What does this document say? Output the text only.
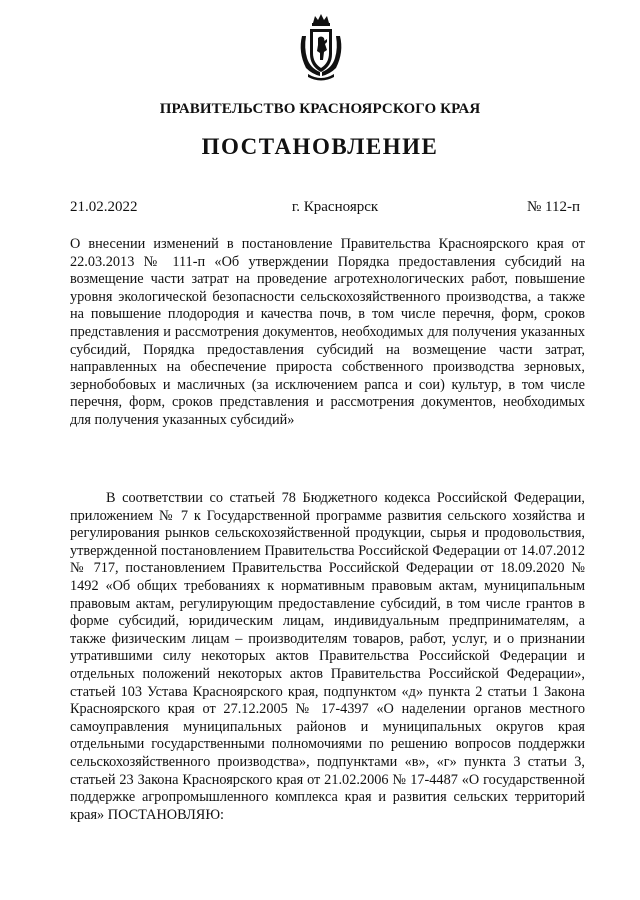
ПРАВИТЕЛЬСТВО КРАСНОЯРСКОГО КРАЯ
ПОСТАНОВЛЕНИЕ
21.02.2022	г. Красноярск	№ 112-п
О внесении изменений в постановление Правительства Красноярского края от 22.03.2013 № 111-п «Об утверждении Порядка предоставления субсидий на возмещение части затрат на проведение агротехнологических работ, повышение уровня экологической безопасности сельскохозяйственного производства, а также на повышение плодородия и качества почв, в том числе перечня, форм, сроков представления и рассмотрения документов, необходимых для получения указанных субсидий, Порядка предоставления субсидий на возмещение части затрат, направленных на обеспечение прироста собственного производства зерновых, зернобобовых и масличных (за исключением рапса и сои) культур, в том числе перечня, форм, сроков представления и рассмотрения документов, необходимых для получения указанных субсидий»
В соответствии со статьей 78 Бюджетного кодекса Российской Федерации, приложением № 7 к Государственной программе развития сельского хозяйства и регулирования рынков сельскохозяйственной продукции, сырья и продовольствия, утвержденной постановлением Правительства Российской Федерации от 14.07.2012 № 717, постановлением Правительства Российской Федерации от 18.09.2020 № 1492 «Об общих требованиях к нормативным правовым актам, муниципальным правовым актам, регулирующим предоставление субсидий, в том числе грантов в форме субсидий, юридическим лицам, индивидуальным предпринимателям, а также физическим лицам – производителям товаров, работ, услуг, и о признании утратившими силу некоторых актов Правительства Российской Федерации и отдельных положений некоторых актов Правительства Российской Федерации», статьей 103 Устава Красноярского края, подпунктом «д» пункта 2 статьи 1 Закона Красноярского края от 27.12.2005 № 17-4397 «О наделении органов местного самоуправления муниципальных районов и муниципальных округов края отдельными государственными полномочиями по решению вопросов поддержки сельскохозяйственного производства», подпунктами «в», «г» пункта 3 статьи 3, статьей 23 Закона Красноярского края от 21.02.2006 № 17-4487 «О государственной поддержке агропромышленного комплекса края и развития сельских территорий края» ПОСТАНОВЛЯЮ:
